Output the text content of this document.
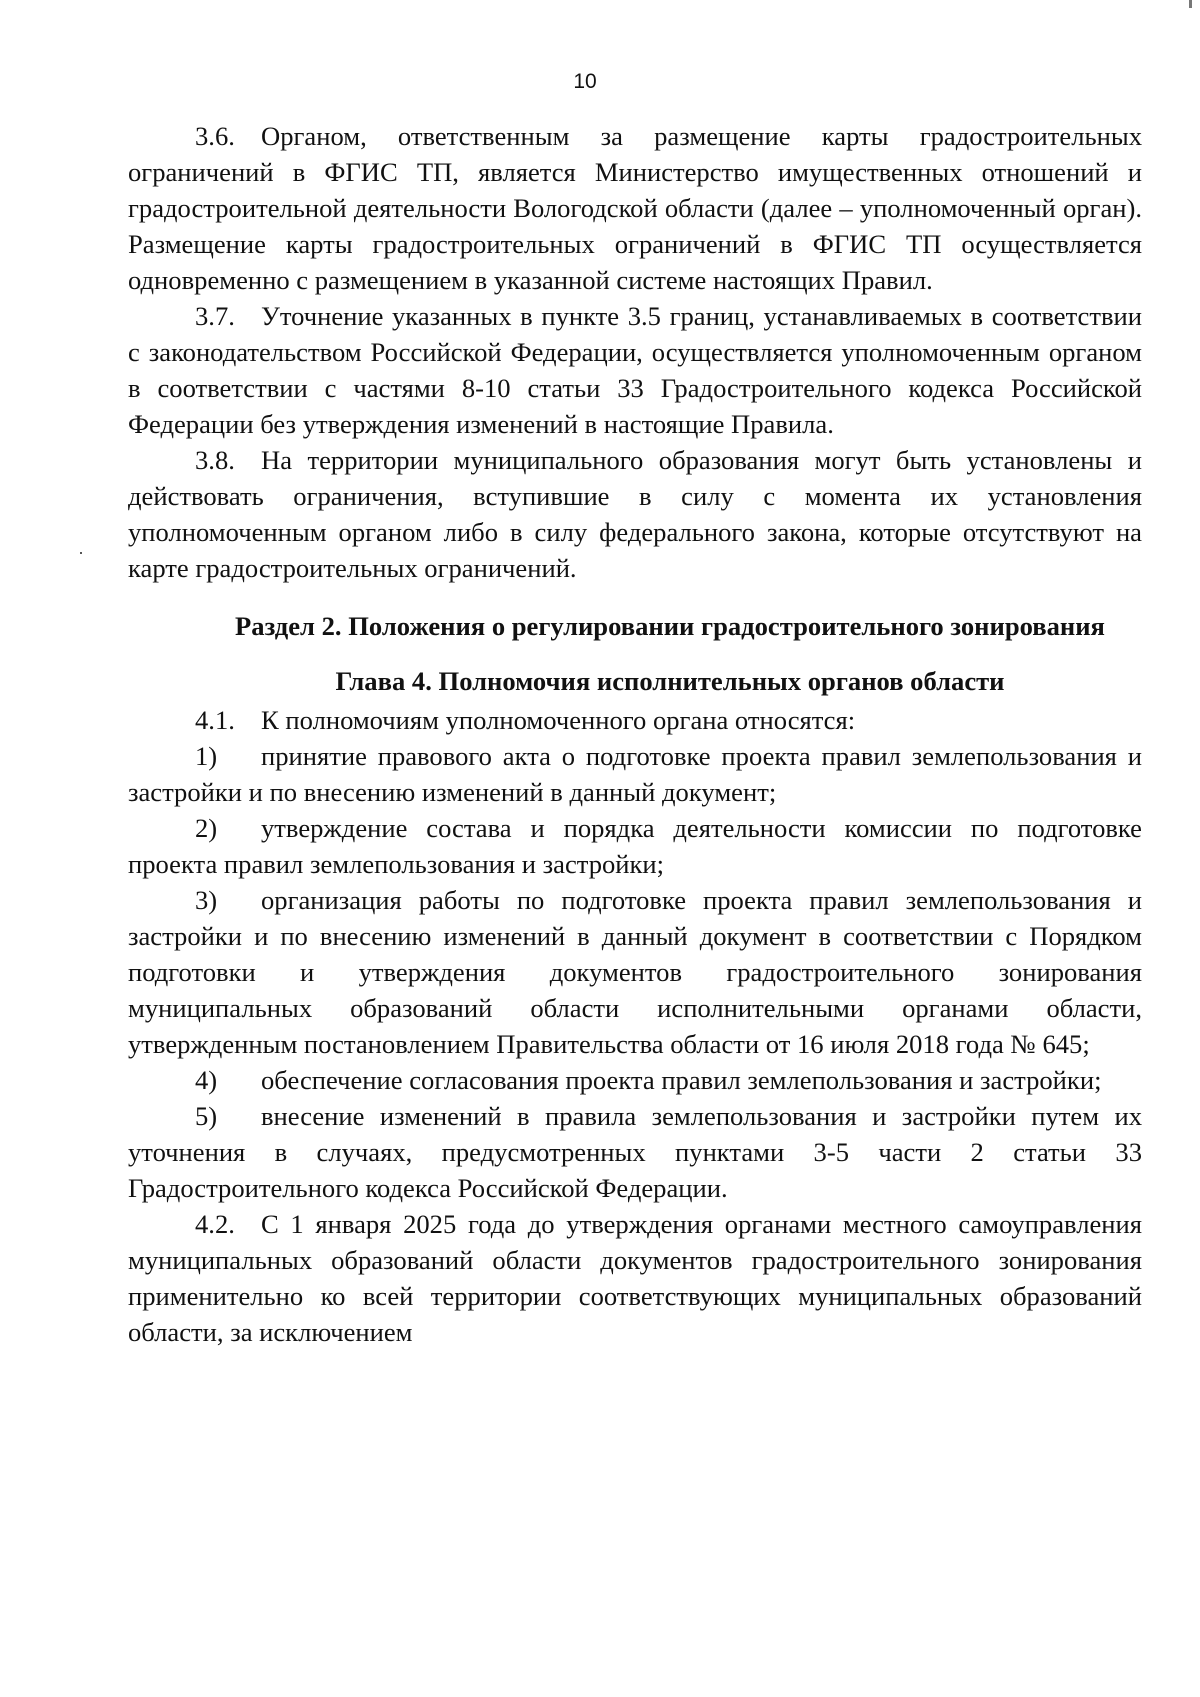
10

3.6. Органом, ответственным за размещение карты градостроительных ограничений в ФГИС ТП, является Министерство имущественных отношений и градостроительной деятельности Вологодской области (далее – уполномоченный орган). Размещение карты градостроительных ограничений в ФГИС ТП осуществляется одновременно с размещением в указанной системе настоящих Правил.

3.7. Уточнение указанных в пункте 3.5 границ, устанавливаемых в соответствии с законодательством Российской Федерации, осуществляется уполномоченным органом в соответствии с частями 8-10 статьи 33 Градостроительного кодекса Российской Федерации без утверждения изменений в настоящие Правила.

3.8. На территории муниципального образования могут быть установлены и действовать ограничения, вступившие в силу с момента их установления уполномоченным органом либо в силу федерального закона, которые отсутствуют на карте градостроительных ограничений.

Раздел 2. Положения о регулировании градостроительного зонирования

Глава 4. Полномочия исполнительных органов области

4.1. К полномочиям уполномоченного органа относятся:

1) принятие правового акта о подготовке проекта правил землепользования и застройки и по внесению изменений в данный документ;

2) утверждение состава и порядка деятельности комиссии по подготовке проекта правил землепользования и застройки;

3) организация работы по подготовке проекта правил землепользования и застройки и по внесению изменений в данный документ в соответствии с Порядком подготовки и утверждения документов градостроительного зонирования муниципальных образований области исполнительными органами области, утвержденным постановлением Правительства области от 16 июля 2018 года № 645;

4) обеспечение согласования проекта правил землепользования и застройки;

5) внесение изменений в правила землепользования и застройки путем их уточнения в случаях, предусмотренных пунктами 3-5 части 2 статьи 33 Градостроительного кодекса Российской Федерации.

4.2. С 1 января 2025 года до утверждения органами местного самоуправления муниципальных образований области документов градостроительного зонирования применительно ко всей территории соответствующих муниципальных образований области, за исключением
